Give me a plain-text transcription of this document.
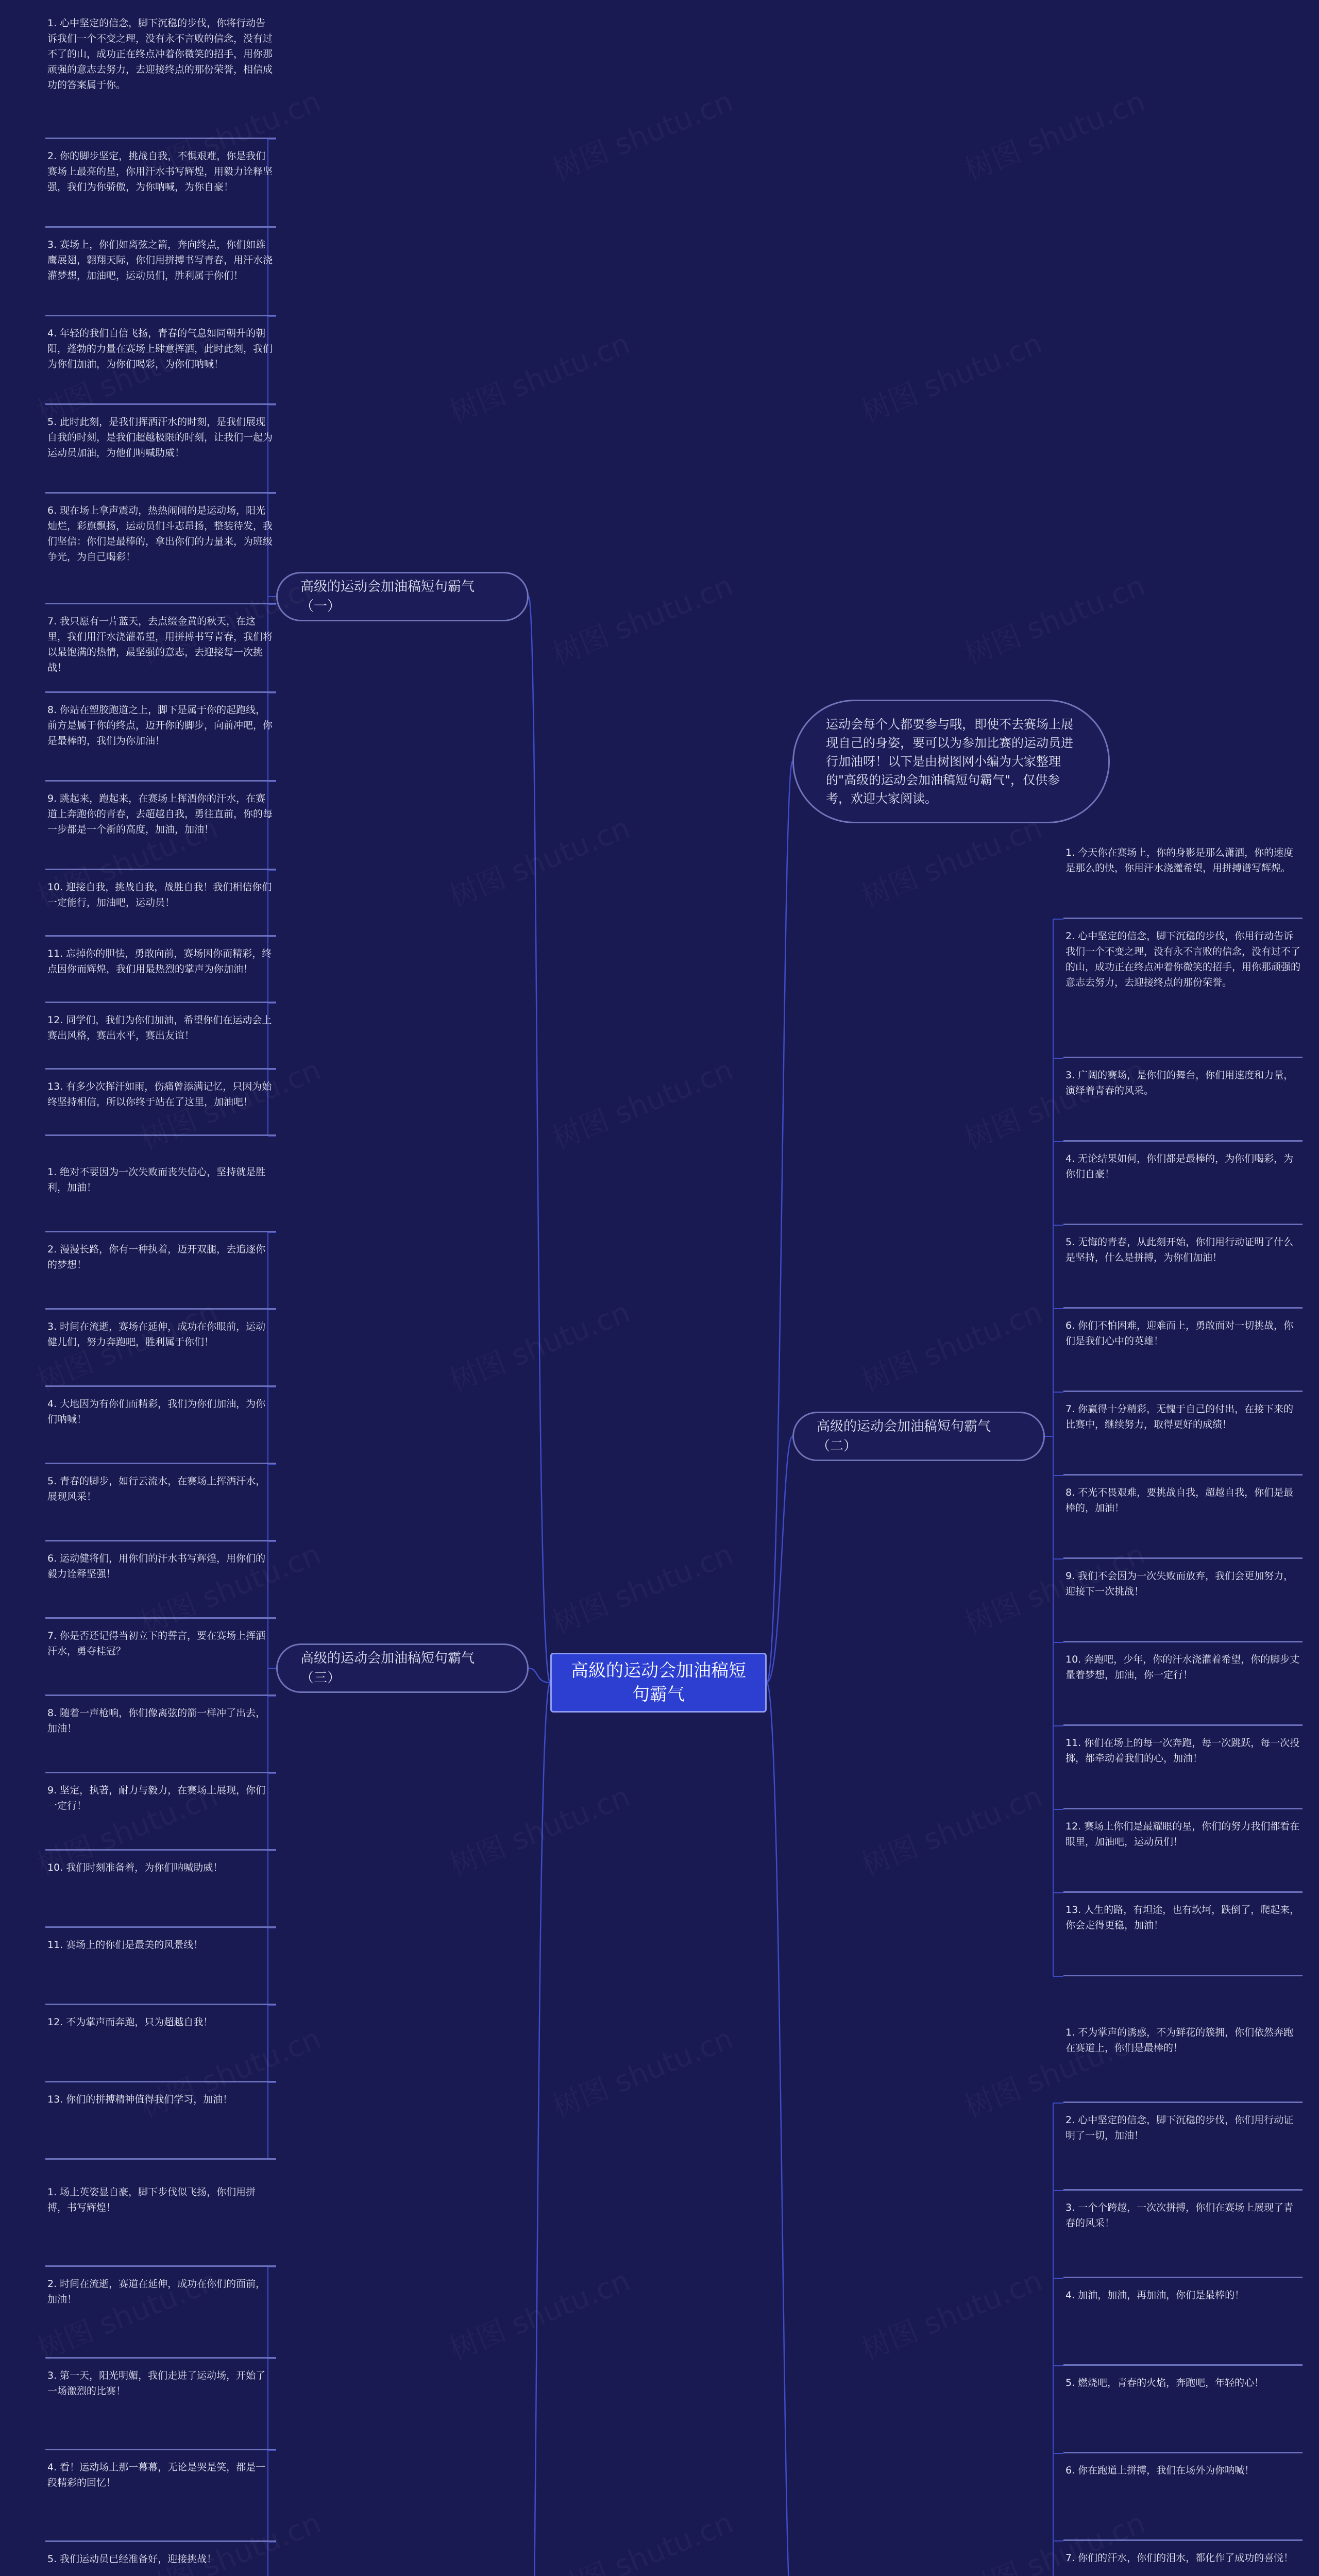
高級的运动会加油稿短句霸气
运动会每个人都要参与哦，即使不去赛场上展现自己的身姿，要可以为参加比赛的运动员进行加油呀！以下是由树图网小编为大家整理的"高级的运动会加油稿短句霸气"，仅供参考，欢迎大家阅读。
高级的运动会加油稿短句霸气（一）
高级的运动会加油稿短句霸气（二）
高级的运动会加油稿短句霸气（三）
1. 心中坚定的信念，脚下沉稳的步伐，你将行动告诉我们一个不变之理，没有永不言败的信念，没有过不了的山，成功正在终点冲着你微笑的招手，用你那顽强的意志去努力，去迎接终点的那份荣誉，相信成功的答案属于你。
2. 你的脚步坚定，挑战自我，不惧艰难，你是我们赛场上最亮的星，你用汗水书写辉煌，用毅力诠释坚强，我们为你骄傲，为你呐喊，为你自豪！
3. 赛场上，你们如离弦之箭，奔向终点，你们如雄鹰展翅，翱翔天际，你们用拼搏书写青春，用汗水浇灌梦想，加油吧，运动员们，胜利属于你们！
4. 年轻的我们自信飞扬，青春的气息如同朝升的朝阳，蓬勃的力量在赛场上肆意挥洒，此时此刻，我们为你们加油，为你们喝彩，为你们呐喊！
5. 此时此刻，是我们挥洒汗水的时刻，是我们展现自我的时刻，是我们超越极限的时刻，让我们一起为运动员加油，为他们呐喊助威！
6. 现在场上拿声震动，热热闹闹的是运动场，阳光灿烂，彩旗飘扬，运动员们斗志昂扬，整装待发，我们坚信：你们是最棒的，拿出你们的力量来，为班级争光，为自己喝彩！
7. 我只愿有一片蓝天，去点缀金黄的秋天，在这里，我们用汗水浇灌希望，用拼搏书写青春，我们将以最饱满的热情，最坚强的意志，去迎接每一次挑战！
8. 你站在塑胶跑道之上，脚下是属于你的起跑线，前方是属于你的终点，迈开你的脚步，向前冲吧，你是最棒的，我们为你加油！
9. 跳起来，跑起来，在赛场上挥洒你的汗水，在赛道上奔跑你的青春，去超越自我，勇往直前，你的每一步都是一个新的高度，加油，加油！
10. 迎接自我，挑战自我，战胜自我！我们相信你们一定能行，加油吧，运动员！
11. 忘掉你的胆怯，勇敢向前，赛场因你而精彩，终点因你而辉煌，我们用最热烈的掌声为你加油！
12. 同学们，我们为你们加油，希望你们在运动会上赛出风格，赛出水平，赛出友谊！
13. 有多少次挥汗如雨，伤痛曾添满记忆，只因为始终坚持相信，所以你终于站在了这里，加油吧！
1. 今天你在赛场上，你的身影是那么潇洒，你的速度是那么的快，你用汗水浇灌希望，用拼搏谱写辉煌。
2. 心中坚定的信念，脚下沉稳的步伐，你用行动告诉我们一个不变之理，没有永不言败的信念，没有过不了的山，成功正在终点冲着你微笑的招手，用你那顽强的意志去努力，去迎接终点的那份荣誉。
3. 广阔的赛场，是你们的舞台，你们用速度和力量，演绎着青春的风采。
4. 无论结果如何，你们都是最棒的，为你们喝彩，为你们自豪！
5. 无悔的青春，从此刻开始，你们用行动证明了什么是坚持，什么是拼搏，为你们加油！
6. 你们不怕困难，迎难而上，勇敢面对一切挑战，你们是我们心中的英雄！
7. 你赢得十分精彩，无愧于自己的付出，在接下来的比赛中，继续努力，取得更好的成绩！
8. 不光不畏艰难，要挑战自我，超越自我，你们是最棒的，加油！
9. 我们不会因为一次失败而放弃，我们会更加努力，迎接下一次挑战！
10. 奔跑吧，少年，你的汗水浇灌着希望，你的脚步丈量着梦想，加油，你一定行！
11. 你们在场上的每一次奔跑，每一次跳跃，每一次投掷，都牵动着我们的心，加油！
12. 赛场上你们是最耀眼的星，你们的努力我们都看在眼里，加油吧，运动员们！
13. 人生的路，有坦途，也有坎坷，跌倒了，爬起来，你会走得更稳，加油！
1. 绝对不要因为一次失败而丧失信心，坚持就是胜利，加油！
2. 漫漫长路，你有一种执着，迈开双腿，去追逐你的梦想！
3. 时间在流逝，赛场在延伸，成功在你眼前，运动健儿们，努力奔跑吧，胜利属于你们！
4. 大地因为有你们而精彩，我们为你们加油，为你们呐喊！
5. 青春的脚步，如行云流水，在赛场上挥洒汗水，展现风采！
6. 运动健将们，用你们的汗水书写辉煌，用你们的毅力诠释坚强！
7. 你是否还记得当初立下的誓言，要在赛场上挥洒汗水，勇夺桂冠？
8. 随着一声枪响，你们像离弦的箭一样冲了出去，加油！
9. 坚定，执著，耐力与毅力，在赛场上展现，你们一定行！
10. 我们时刻准备着，为你们呐喊助威！
11. 赛场上的你们是最美的风景线！
12. 不为掌声而奔跑，只为超越自我！
13. 你们的拼搏精神值得我们学习，加油！
1. 不为掌声的诱惑，不为鲜花的簇拥，你们依然奔跑在赛道上，你们是最棒的！
2. 心中坚定的信念，脚下沉稳的步伐，你们用行动证明了一切，加油！
3. 一个个跨越，一次次拼搏，你们在赛场上展现了青春的风采！
4. 加油，加油，再加油，你们是最棒的！
5. 燃烧吧，青春的火焰，奔跑吧，年轻的心！
6. 你在跑道上拼搏，我们在场外为你呐喊！
7. 你们的汗水，你们的泪水，都化作了成功的喜悦！
1. 场上英姿显自豪，脚下步伐似飞扬，你们用拼搏，书写辉煌！
2. 时间在流逝，赛道在延伸，成功在你们的面前，加油！
3. 第一天，阳光明媚，我们走进了运动场，开始了一场激烈的比赛！
4. 看！运动场上那一幕幕，无论是哭是笑，都是一段精彩的回忆！
5. 我们运动员已经准备好，迎接挑战！
